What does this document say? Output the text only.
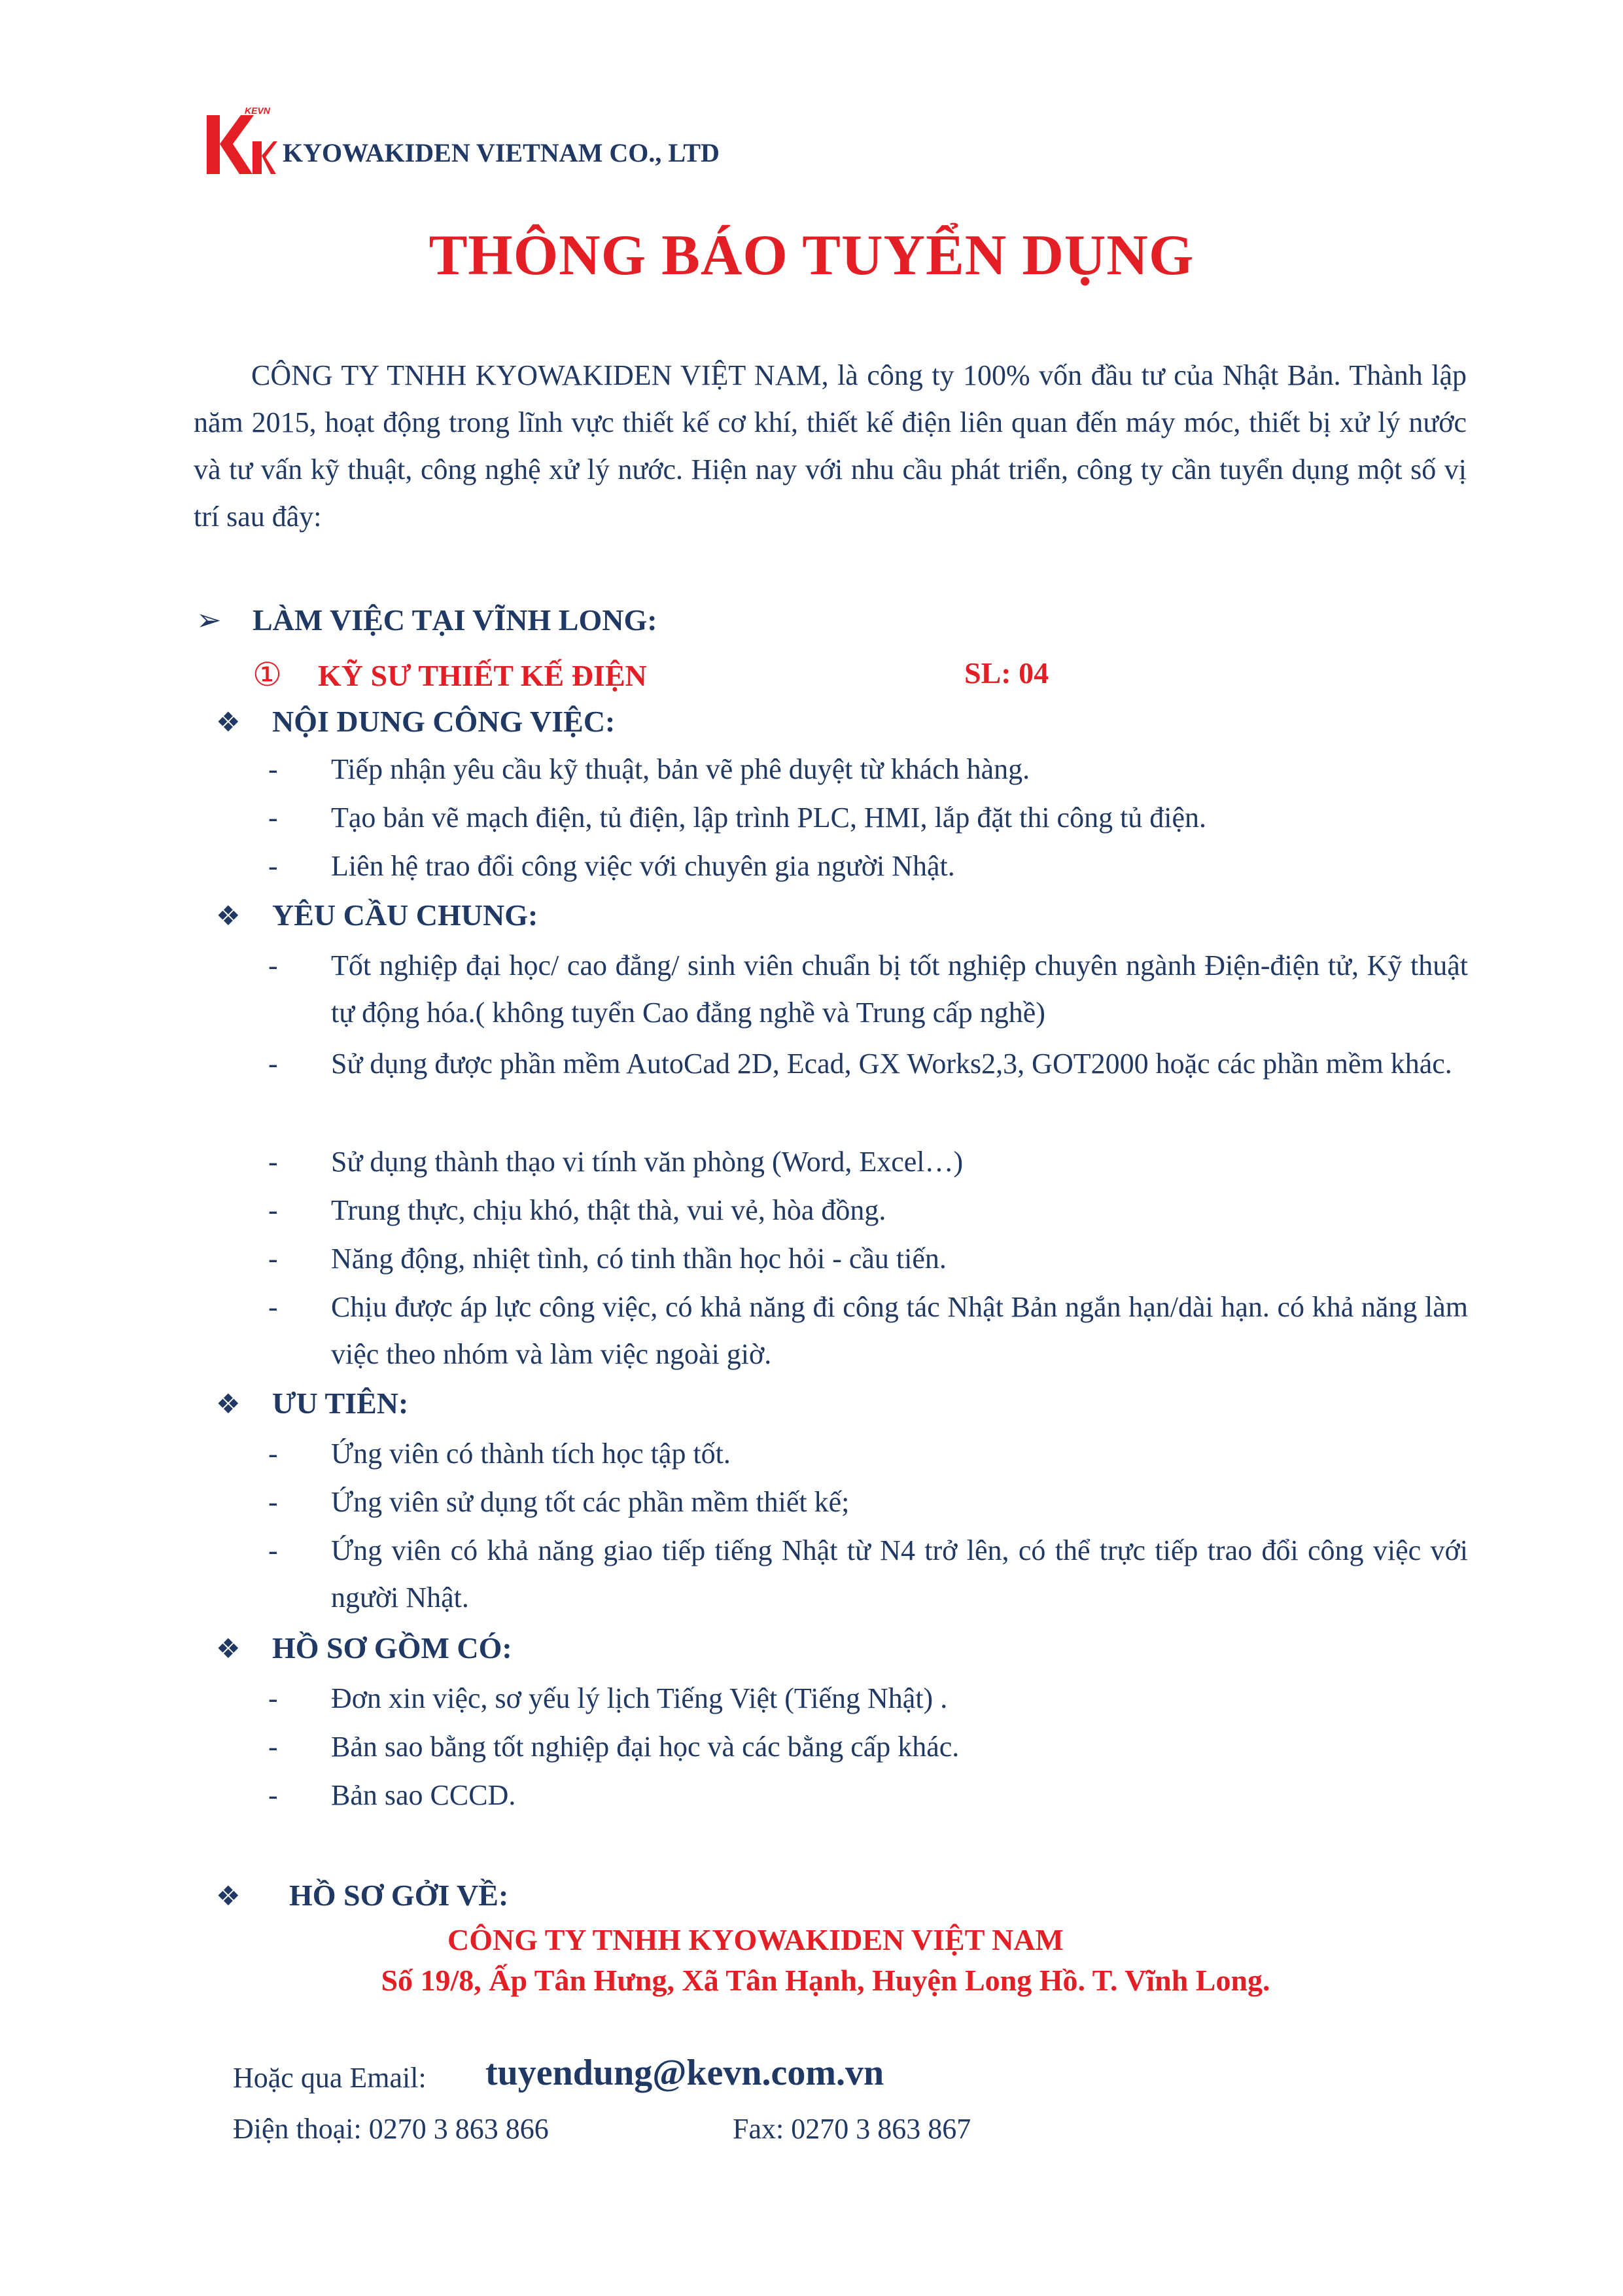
KEVN
KYOWAKIDEN VIETNAM CO., LTD
THÔNG BÁO TUYỂN DỤNG
CÔNG TY TNHH KYOWAKIDEN VIỆT NAM, là công ty 100% vốn đầu tư của Nhật Bản. Thành lập năm 2015, hoạt động trong lĩnh vực thiết kế cơ khí, thiết kế điện liên quan đến máy móc, thiết bị xử lý nước và tư vấn kỹ thuật, công nghệ xử lý nước. Hiện nay với nhu cầu phát triển, công ty cần tuyển dụng một số vị trí sau đây:
➢ LÀM VIỆC TẠI VĨNH LONG:
① KỸ SƯ THIẾT KẾ ĐIỆN	SL: 04
❖ NỘI DUNG CÔNG VIỆC:
- Tiếp nhận yêu cầu kỹ thuật, bản vẽ phê duyệt từ khách hàng.
- Tạo bản vẽ mạch điện, tủ điện, lập trình PLC, HMI, lắp đặt thi công tủ điện.
- Liên hệ trao đổi công việc với chuyên gia người Nhật.
❖ YÊU CẦU CHUNG:
- Tốt nghiệp đại học/ cao đẳng/ sinh viên chuẩn bị tốt nghiệp chuyên ngành Điện-điện tử, Kỹ thuật tự động hóa.( không tuyển Cao đẳng nghề và Trung cấp nghề)
- Sử dụng được phần mềm AutoCad 2D, Ecad, GX Works2,3, GOT2000 hoặc các phần mềm khác.
- Sử dụng thành thạo vi tính văn phòng (Word, Excel…)
- Trung thực, chịu khó, thật thà, vui vẻ, hòa đồng.
- Năng động, nhiệt tình, có tinh thần học hỏi - cầu tiến.
- Chịu được áp lực công việc, có khả năng đi công tác Nhật Bản ngắn hạn/dài hạn. có khả năng làm việc theo nhóm và làm việc ngoài giờ.
❖ ƯU TIÊN:
- Ứng viên có thành tích học tập tốt.
- Ứng viên sử dụng tốt các phần mềm thiết kế;
- Ứng viên có khả năng giao tiếp tiếng Nhật từ N4 trở lên, có thể trực tiếp trao đổi công việc với người Nhật.
❖ HỒ SƠ GỒM CÓ:
- Đơn xin việc, sơ yếu lý lịch Tiếng Việt (Tiếng Nhật) .
- Bản sao bằng tốt nghiệp đại học và các bằng cấp khác.
- Bản sao CCCD.
❖ HỒ SƠ GỞI VỀ:
CÔNG TY TNHH KYOWAKIDEN VIỆT NAM
Số 19/8, Ấp Tân Hưng, Xã Tân Hạnh, Huyện Long Hồ. T. Vĩnh Long.
Hoặc qua Email: tuyendung@kevn.com.vn
Điện thoại: 0270 3 863 866	Fax: 0270 3 863 867
